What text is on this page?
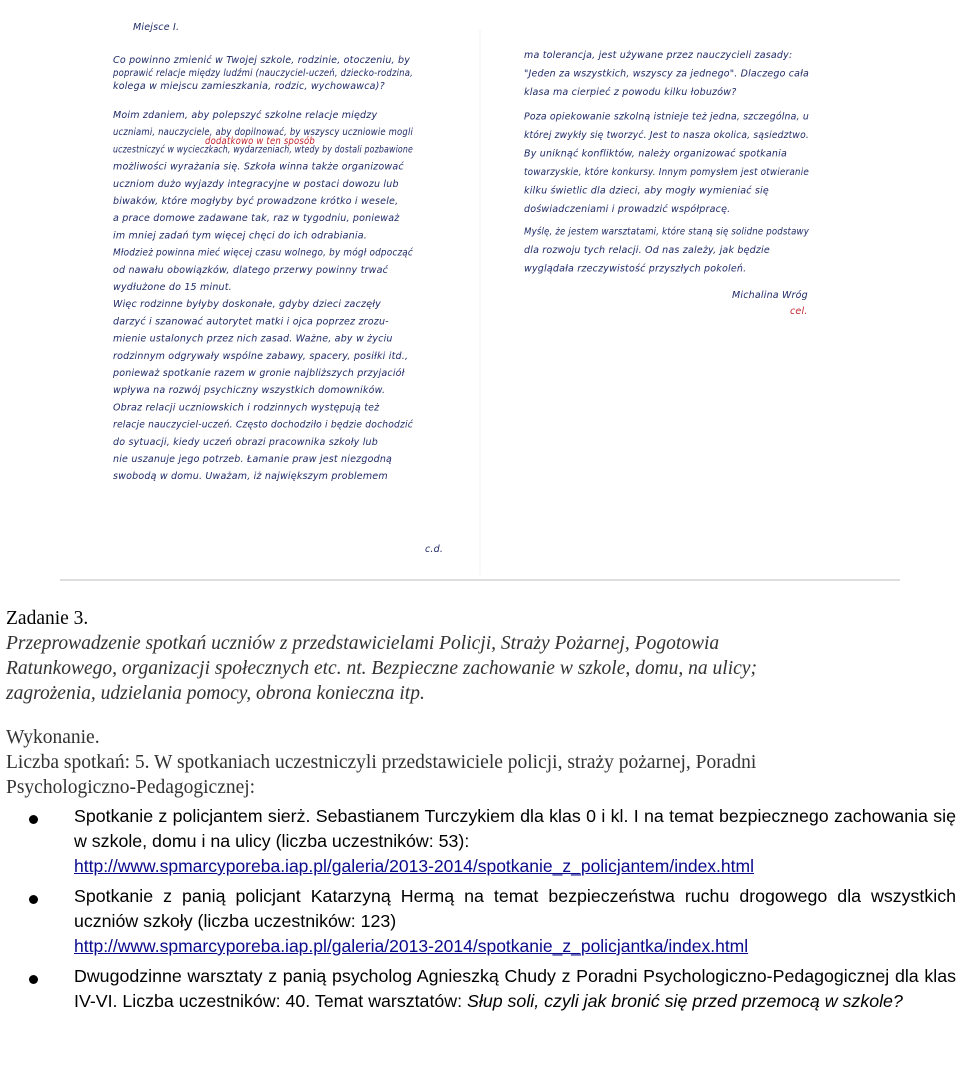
Miejsce I.
Co powinno zmienić w Twojej szkole, rodzinie, otoczeniu, by
poprawić relacje między ludźmi (nauczyciel-uczeń, dziecko-rodzina,
kolega w miejscu zamieszkania, rodzic, wychowawca)?
Moim zdaniem, aby polepszyć szkolne relacje między
uczniami, nauczyciele, aby dopilnować, by wszyscy uczniowie mogli
uczestniczyć w wycieczkach, wydarzeniach, wtedy by dostali pozbawione
możliwości wyrażania się. Szkoła winna także organizować
uczniom dużo wyjazdy integracyjne w postaci dowozu lub
biwaków, które mogłyby być prowadzone krótko i wesele,
a prace domowe zadawane tak, raz w tygodniu, ponieważ
im mniej zadań tym więcej chęci do ich odrabiania.
Młodzież powinna mieć więcej czasu wolnego, by mógł odpocząć
od nawału obowiązków, dlatego przerwy powinny trwać
wydłużone do 15 minut.
Więc rodzinne byłyby doskonałe, gdyby dzieci zaczęły
darzyć i szanować autorytet matki i ojca poprzez zrozu-
mienie ustalonych przez nich zasad. Ważne, aby w życiu
rodzinnym odgrywały wspólne zabawy, spacery, posiłki itd.,
ponieważ spotkanie razem w gronie najbliższych przyjaciół
wpływa na rozwój psychiczny wszystkich domowników.
Obraz relacji uczniowskich i rodzinnych występują też
relacje nauczyciel-uczeń. Często dochodziło i będzie dochodzić
do sytuacji, kiedy uczeń obrazi pracownika szkoły lub
nie uszanuje jego potrzeb. Łamanie praw jest niezgodną
swobodą w domu. Uważam, iż największym problemem
dodatkowo w ten sposób
c.d.
ma tolerancja, jest używane przez nauczycieli zasady:
"Jeden za wszystkich, wszyscy za jednego". Dlaczego cała
klasa ma cierpieć z powodu kilku łobuzów?
Poza opiekowanie szkolną istnieje też jedna, szczególna, u
której zwykły się tworzyć. Jest to nasza okolica, sąsiedztwo.
By uniknąć konfliktów, należy organizować spotkania
towarzyskie, które konkursy. Innym pomysłem jest otwieranie
kilku świetlic dla dzieci, aby mogły wymieniać się
doświadczeniami i prowadzić współpracę.
Myślę, że jestem warsztatami, które staną się solidne podstawy
dla rozwoju tych relacji. Od nas zależy, jak będzie
wyglądała rzeczywistość przyszłych pokoleń.
Michalina Wróg
cel.

Zadanie 3.

Przeprowadzenie spotkań uczniów z przedstawicielami Policji, Straży Pożarnej, Pogotowia

Ratunkowego, organizacji społecznych etc. nt. Bezpieczne zachowanie w szkole, domu, na ulicy;

zagrożenia, udzielania pomocy, obrona konieczna itp.

Wykonanie.

Liczba spotkań: 5. W spotkaniach uczestniczyli przedstawiciele policji, straży pożarnej, Poradni

Psychologiczno-Pedagogicznej:

Spotkanie z policjantem sierż. Sebastianem Turczykiem dla klas 0 i kl. I na temat bezpiecznego zachowania się w szkole, domu i na ulicy (liczba uczestników: 53):
http://www.spmarcyporeba.iap.pl/galeria/2013-2014/spotkanie_z_policjantem/index.html
Spotkanie z panią policjant Katarzyną Hermą na temat bezpieczeństwa ruchu drogowego dla wszystkich uczniów szkoły (liczba uczestników: 123)
http://www.spmarcyporeba.iap.pl/galeria/2013-2014/spotkanie_z_policjantka/index.html
Dwugodzinne warsztaty z panią psycholog Agnieszką Chudy z Poradni Psychologiczno-Pedagogicznej dla klas IV-VI. Liczba uczestników: 40. Temat warsztatów: Słup soli, czyli jak bronić się przed przemocą w szkole?
